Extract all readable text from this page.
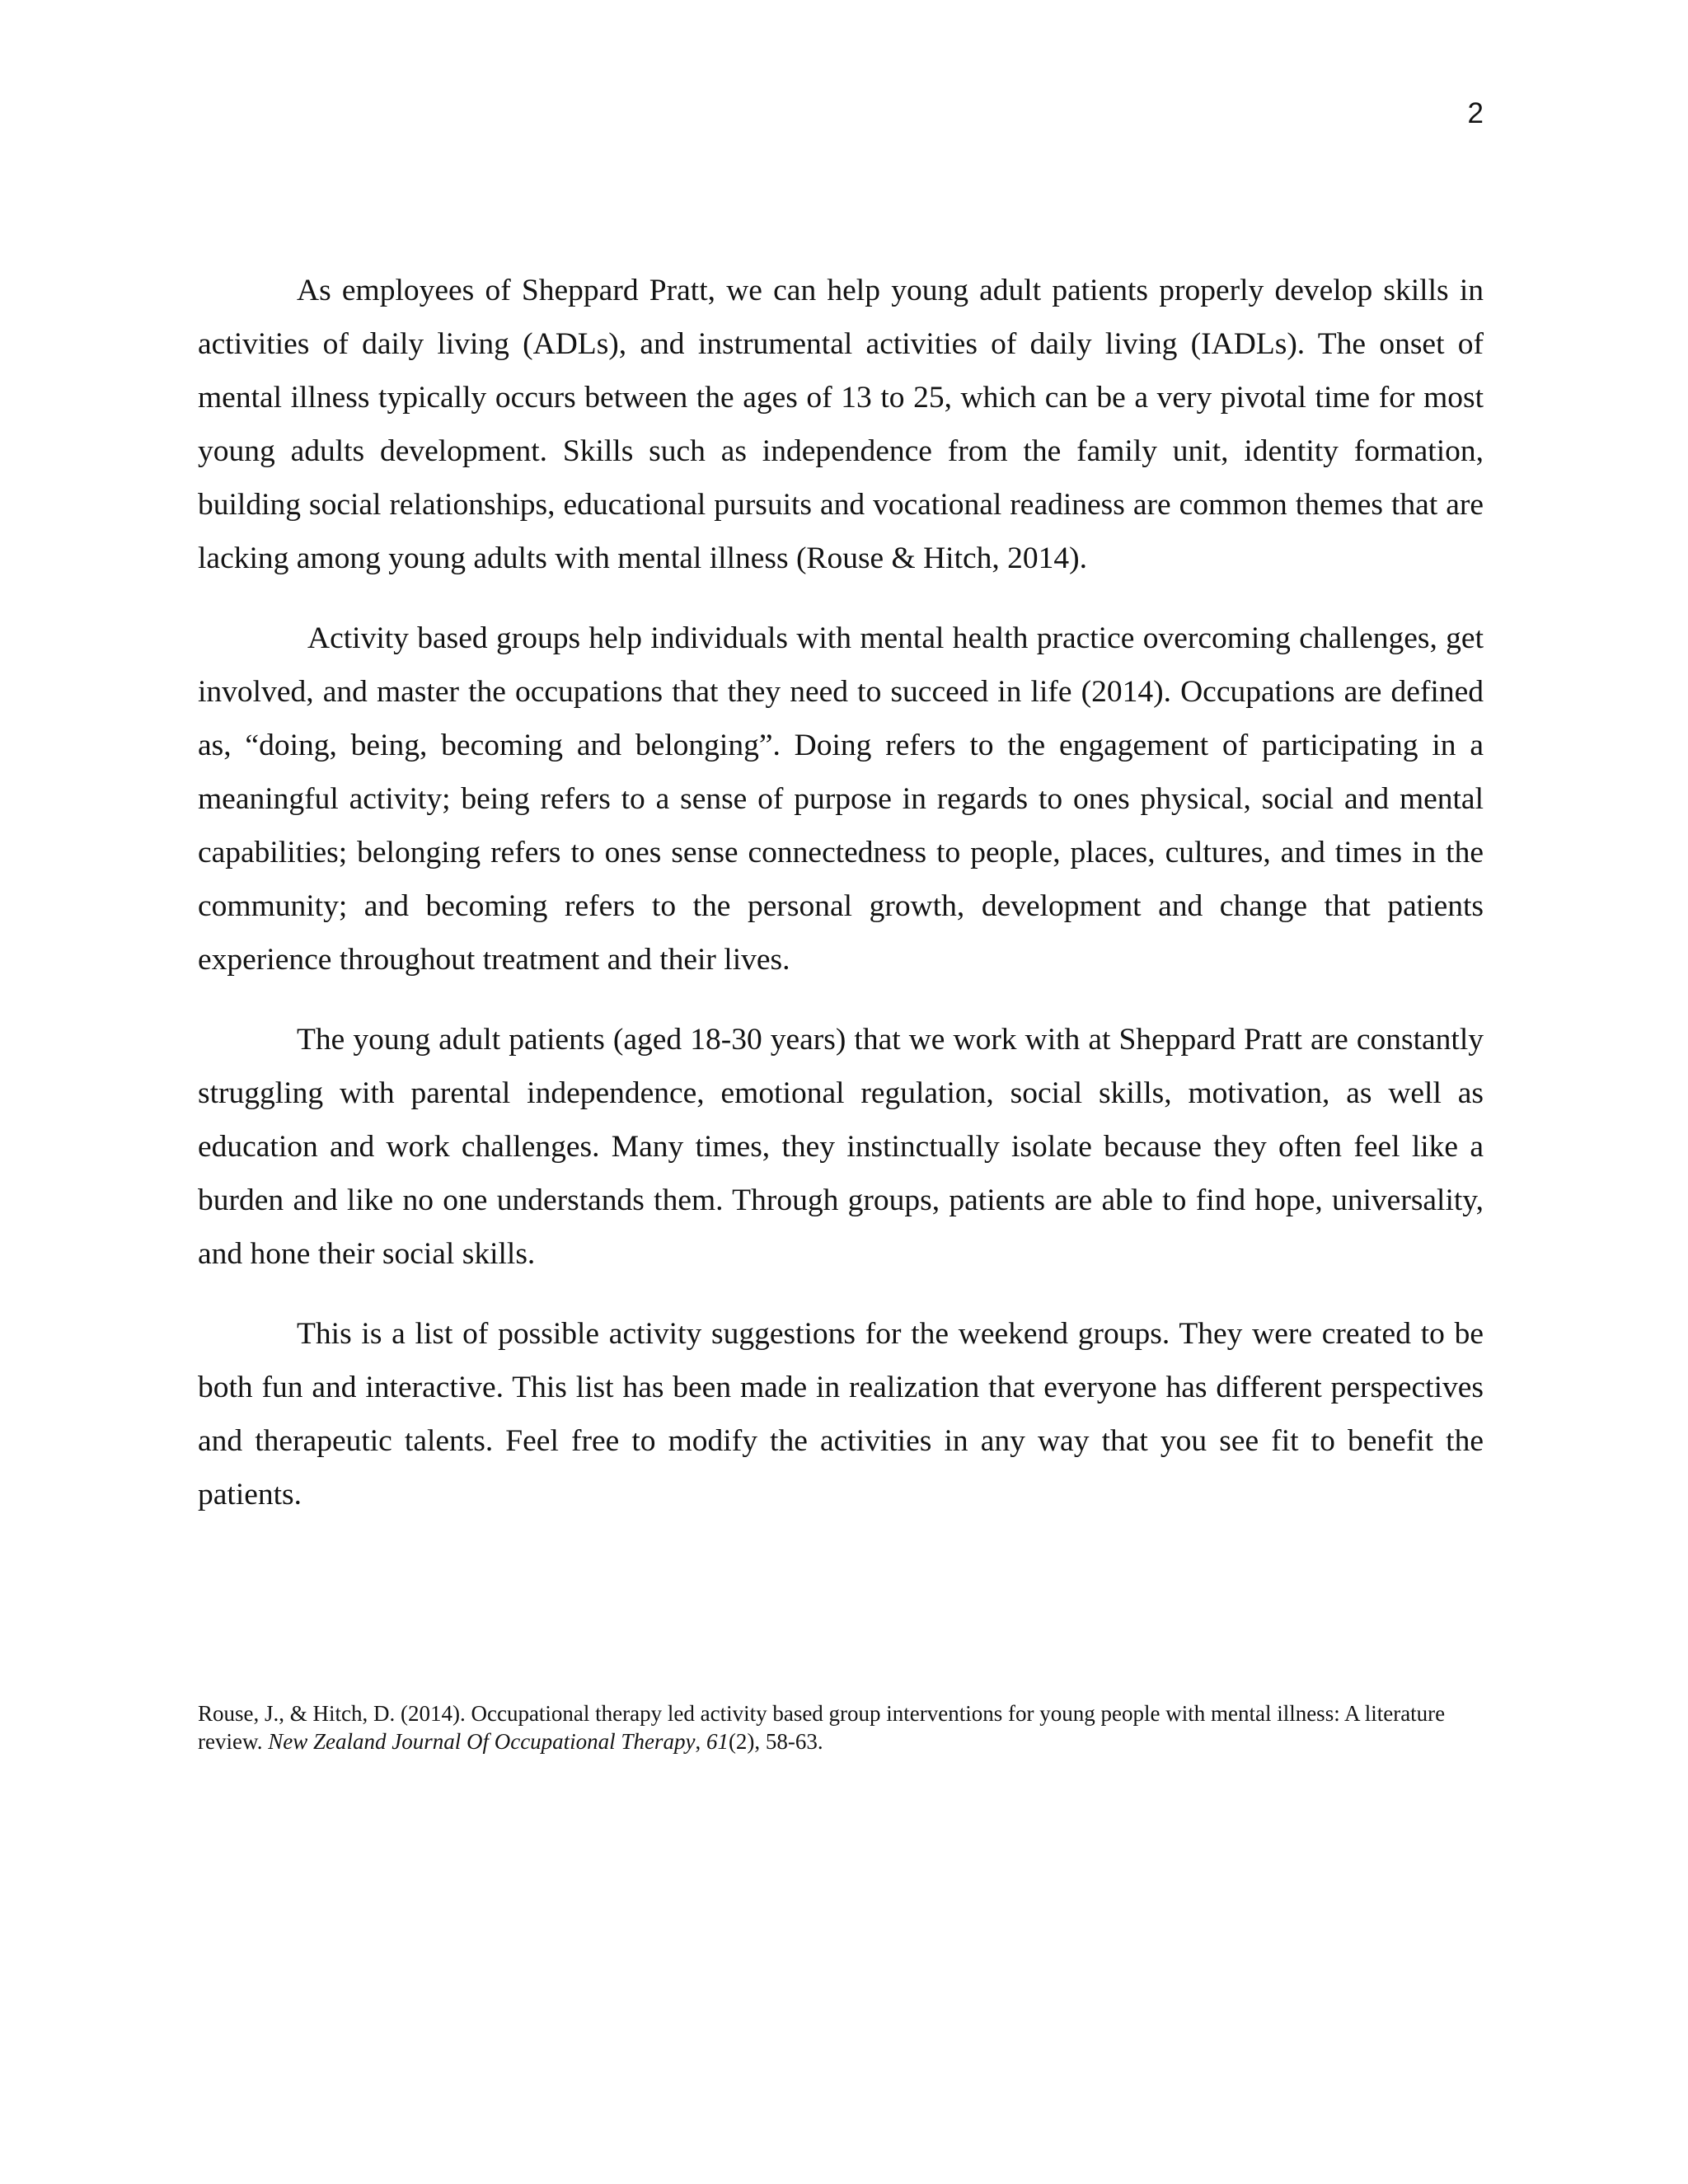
2

As employees of Sheppard Pratt, we can help young adult patients properly develop skills in activities of daily living (ADLs), and instrumental activities of daily living (IADLs). The onset of mental illness typically occurs between the ages of 13 to 25, which can be a very pivotal time for most young adults development. Skills such as independence from the family unit, identity formation, building social relationships, educational pursuits and vocational readiness are common themes that are lacking among young adults with mental illness (Rouse & Hitch, 2014).

Activity based groups help individuals with mental health practice overcoming challenges, get involved, and master the occupations that they need to succeed in life (2014). Occupations are defined as, “doing, being, becoming and belonging”. Doing refers to the engagement of participating in a meaningful activity; being refers to a sense of purpose in regards to ones physical, social and mental capabilities; belonging refers to ones sense connectedness to people, places, cultures, and times in the community; and becoming refers to the personal growth, development and change that patients experience throughout treatment and their lives.

The young adult patients (aged 18-30 years) that we work with at Sheppard Pratt are constantly struggling with parental independence, emotional regulation, social skills, motivation, as well as education and work challenges. Many times, they instinctually isolate because they often feel like a burden and like no one understands them. Through groups, patients are able to find hope, universality, and hone their social skills.

This is a list of possible activity suggestions for the weekend groups. They were created to be both fun and interactive. This list has been made in realization that everyone has different perspectives and therapeutic talents. Feel free to modify the activities in any way that you see fit to benefit the patients.

Rouse, J., & Hitch, D. (2014). Occupational therapy led activity based group interventions for young people with mental illness: A literature review. New Zealand Journal Of Occupational Therapy, 61(2), 58-63.
